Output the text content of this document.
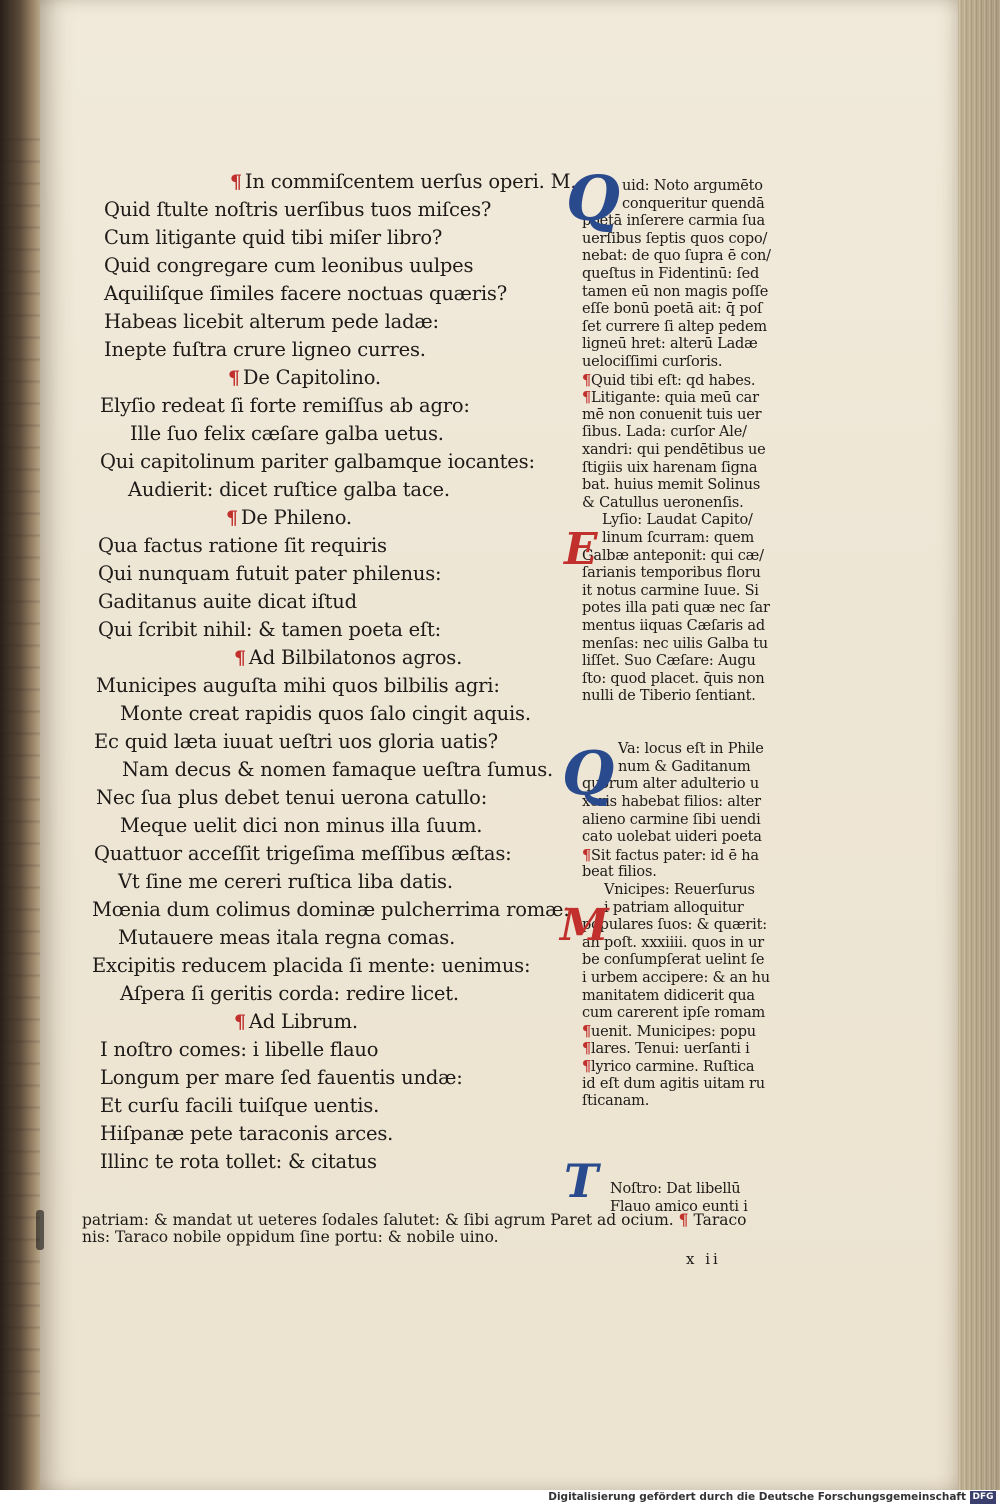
¶ In commiſcentem uerſus operi. M.
Quid ſtulte noſtris uerſibus tuos miſces?
Cum litigante quid tibi miſer libro?
Quid congregare cum leonibus uulpes
Aquiliſque ſimiles facere noctuas quæris?
Habeas licebit alterum pede ladæ:
Inepte fuſtra crure ligneo curres.
¶ De Capitolino.
Elyſio redeat ſi forte remiſſus ab agro:
Ille ſuo felix cæſare galba uetus.
Qui capitolinum pariter galbamque iocantes:
Audierit: dicet ruſtice galba tace.
¶ De Phileno.
Qua factus ratione ſit requiris
Qui nunquam futuit pater philenus:
Gaditanus auite dicat iſtud
Qui ſcribit nihil: & tamen poeta eſt:
¶ Ad Bilbilatonos agros.
Municipes auguſta mihi quos bilbilis agri:
Monte creat rapidis quos ſalo cingit aquis.
Ec quid læta iuuat ueſtri uos gloria uatis?
Nam decus & nomen famaque ueſtra ſumus.
Nec ſua plus debet tenui uerona catullo:
Meque uelit dici non minus illa ſuum.
Quattuor acceſſit trigeſima meſſibus æſtas:
Vt ſine me cereri ruſtica liba datis.
Mœnia dum colimus dominæ pulcherrima romæ:
Mutauere meas itala regna comas.
Excipitis reducem placida ſi mente: uenimus:
Aſpera ſi geritis corda: redire licet.
¶ Ad Librum.
I noſtro comes: i libelle flauo
Longum per mare ſed fauentis undæ:
Et curſu facili tuiſque uentis.
Hiſpanæ pete taraconis arces.
Illinc te rota tollet: & citatus
uid: Noto argumēto
conqueritur quendā
poetā inſerere carmia ſua
uerſibus ſeptis quos copo/
nebat: de quo ſupra ē con/
queſtus in Fidentinū: ſed
tamen eū non magis poſſe
eſſe bonū poetā ait: q̄ poſ
ſet currere ſi altep pedem
ligneū hret: alterū Ladæ
uelociſſimi curſoris.
¶Quid tibi eſt: qd habes.
¶Litigante: quia meū car
mē non conuenit tuis uer
ſibus. Lada: curſor Ale/
xandri: qui pendētibus ue
ſtigiis uix harenam ſigna
bat. huius memit Solinus
& Catullus ueronenſis.
Lyſio: Laudat Capito/
linum ſcurram: quem
Galbæ anteponit: qui cæ/
ſarianis temporibus floru
it notus carmine Iuue. Si
potes illa pati quæ nec ſar
mentus iiquas Cæſaris ad
menſas: nec uilis Galba tu
liſſet. Suo Cæſare: Augu
ſto: quod placet. q̄uis non
nulli de Tiberio ſentiant.
Va: locus eſt in Phile
num & Gaditanum
quorum alter adulterio u
xoris habebat filios: alter
alieno carmine ſibi uendi
cato uolebat uideri poeta
¶Sit factus pater: id ē ha
beat filios.
Vnicipes: Reuerſurus
i patriam alloquitur
populares ſuos: & quærit:
an poſt. xxxiiii. quos in ur
be conſumpſerat uelint ſe
i urbem accipere: & an hu
manitatem didicerit qua
cum carerent ipſe romam
¶uenit. Municipes: popu
¶lares. Tenui: uerſanti i
¶lyrico carmine. Ruſtica
id eſt dum agitis uitam ru
ſticanam.
Noſtro: Dat libellū
Flauo amico eunti i
Q
E
Q
M
T
patriam: & mandat ut ueteres ſodales ſalutet: & ſibi agrum Paret ad ocium. ¶ Taraco
nis: Taraco nobile oppidum ſine portu: & nobile uino.
x ii
Digitalisierung gefördert durch die Deutsche Forschungsgemeinschaft DFG
